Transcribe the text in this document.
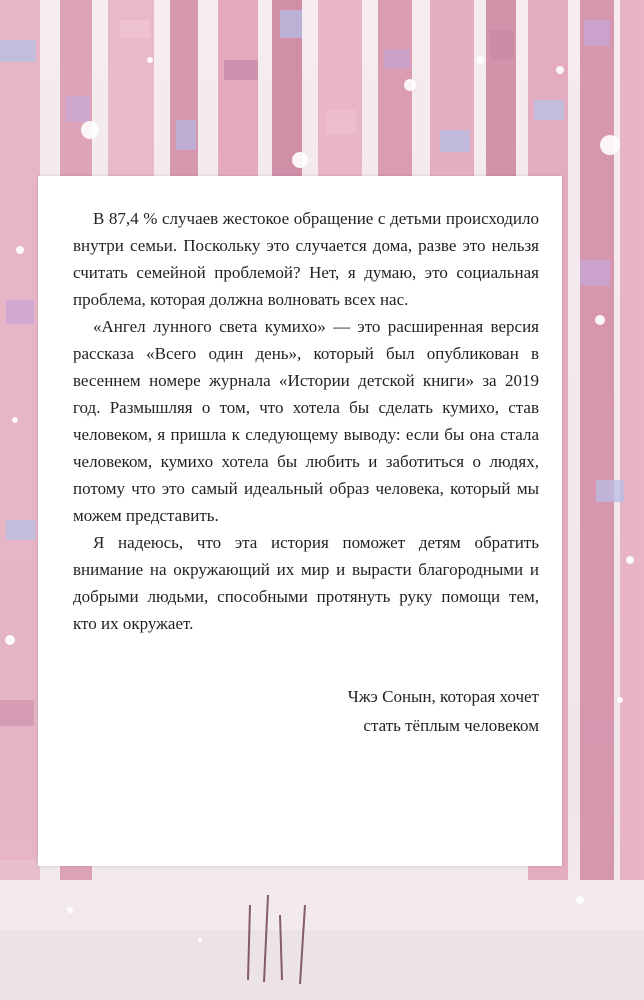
В 87,4 % случаев жестокое обращение с детьми происходило внутри семьи. Поскольку это случается дома, разве это нельзя считать семейной проблемой? Нет, я думаю, это социальная проблема, которая должна волновать всех нас.

«Ангел лунного света кумихо» — это расширенная версия рассказа «Всего один день», который был опубликован в весеннем номере журнала «Истории детской книги» за 2019 год. Размышляя о том, что хотела бы сделать кумихо, став человеком, я пришла к следующему выводу: если бы она стала человеком, кумихо хотела бы любить и заботиться о людях, потому что это самый идеальный образ человека, который мы можем представить.

Я надеюсь, что эта история поможет детям обратить внимание на окружающий их мир и вырасти благородными и добрыми людьми, способными протянуть руку помощи тем, кто их окружает.

Чжэ Сонын, которая хочет
стать тёплым человеком
